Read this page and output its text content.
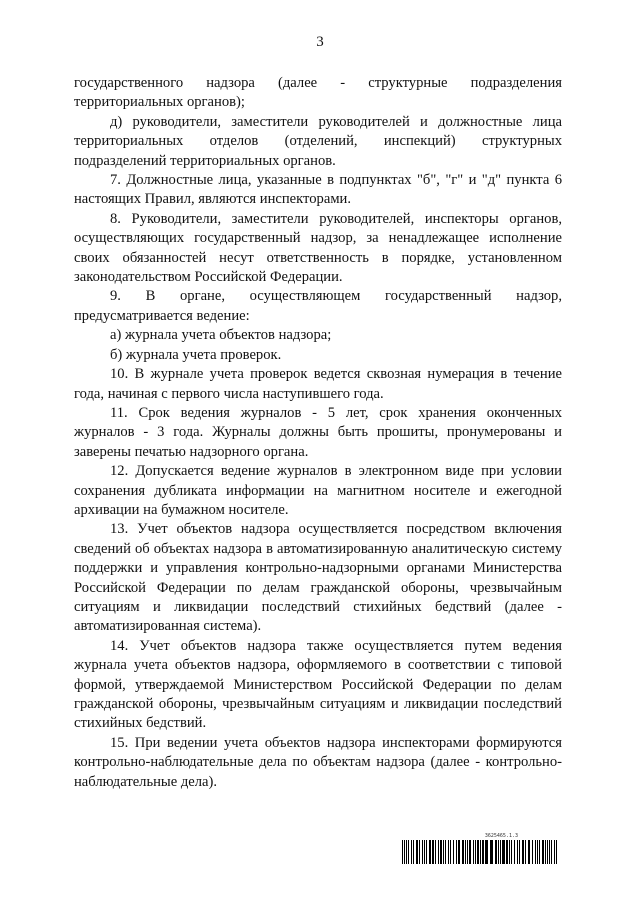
3

государственного надзора (далее - структурные подразделения территориальных органов);

д) руководители, заместители руководителей и должностные лица территориальных отделов (отделений, инспекций) структурных подразделений территориальных органов.

7. Должностные лица, указанные в подпунктах "б", "г" и "д" пункта 6 настоящих Правил, являются инспекторами.

8. Руководители, заместители руководителей, инспекторы органов, осуществляющих государственный надзор, за ненадлежащее исполнение своих обязанностей несут ответственность в порядке, установленном законодательством Российской Федерации.

9. В органе, осуществляющем государственный надзор, предусматривается ведение:

а) журнала учета объектов надзора;

б) журнала учета проверок.

10. В журнале учета проверок ведется сквозная нумерация в течение года, начиная с первого числа наступившего года.

11. Срок ведения журналов - 5 лет, срок хранения оконченных журналов - 3 года. Журналы должны быть прошиты, пронумерованы и заверены печатью надзорного органа.

12. Допускается ведение журналов в электронном виде при условии сохранения дубликата информации на магнитном носителе и ежегодной архивации на бумажном носителе.

13. Учет объектов надзора осуществляется посредством включения сведений об объектах надзора в автоматизированную аналитическую систему поддержки и управления контрольно-надзорными органами Министерства Российской Федерации по делам гражданской обороны, чрезвычайным ситуациям и ликвидации последствий стихийных бедствий (далее - автоматизированная система).

14. Учет объектов надзора также осуществляется путем ведения журнала учета объектов надзора, оформляемого в соответствии с типовой формой, утверждаемой Министерством Российской Федерации по делам гражданской обороны, чрезвычайным ситуациям и ликвидации последствий стихийных бедствий.

15. При ведении учета объектов надзора инспекторами формируются контрольно-наблюдательные дела по объектам надзора (далее - контрольно-наблюдательные дела).

3625465.1.3
